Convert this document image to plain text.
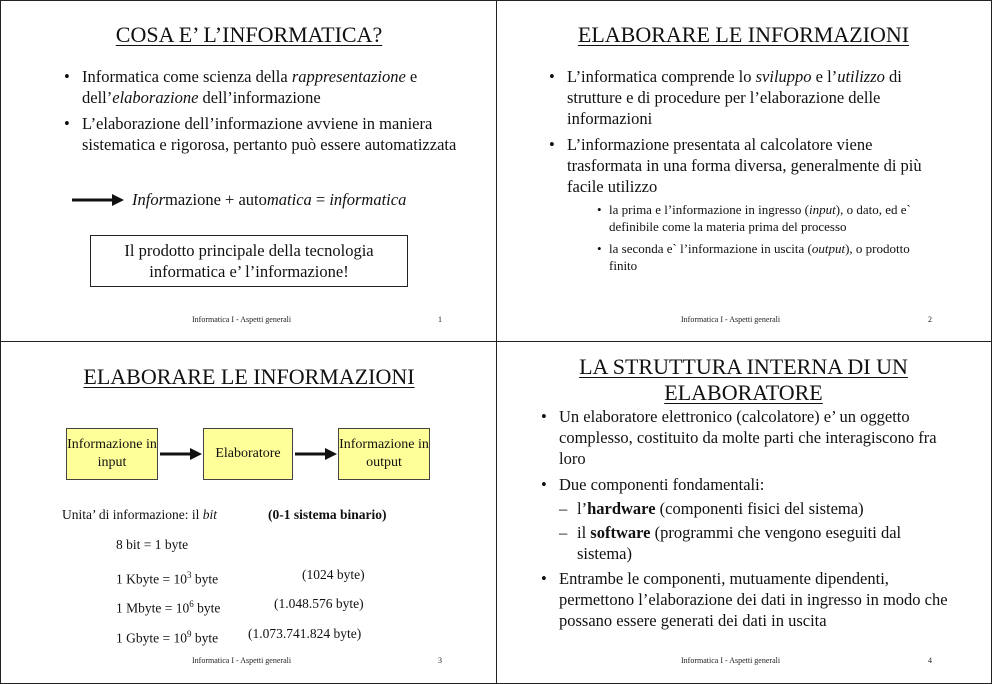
COSA E’ L’INFORMATICA?
• Informatica come scienza della rappresentazione e dell’elaborazione dell’informazione
• L’elaborazione dell’informazione avviene in maniera sistematica e rigorosa, pertanto può essere automatizzata
Informazione + automatica = informatica
Il prodotto principale della tecnologia informatica e’ l’informazione!
Informatica I - Aspetti generali	1
ELABORARE LE INFORMAZIONI
• L’informatica comprende lo sviluppo e l’utilizzo di strutture e di procedure per l’elaborazione delle informazioni
• L’informazione presentata al calcolatore viene trasformata in una forma diversa, generalmente di più facile utilizzo
• la prima e l’informazione in ingresso (input), o dato, ed e` definibile come la materia prima del processo
• la seconda e` l’informazione in uscita (output), o prodotto finito
Informatica I - Aspetti generali	2
ELABORARE LE INFORMAZIONI
Informazione in input
Elaboratore
Informazione in output
Unita’ di informazione: il bit	(0-1 sistema binario)
8 bit = 1 byte
1 Kbyte = $10^3$ byte	(1024 byte)
1 Mbyte = $10^6$ byte	(1.048.576 byte)
1 Gbyte = $10^9$ byte (1.073.741.824 byte)
Informatica I - Aspetti generali	3
LA STRUTTURA INTERNA DI UN ELABORATORE
• Un elaboratore elettronico (calcolatore) e’ un oggetto complesso, costituito da molte parti che interagiscono fra loro
• Due componenti fondamentali:
– l’hardware (componenti fisici del sistema)
– il software (programmi che vengono eseguiti dal sistema)
• Entrambe le componenti, mutuamente dipendenti, permettono l’elaborazione dei dati in ingresso in modo che possano essere generati dei dati in uscita
Informatica I - Aspetti generali	4
